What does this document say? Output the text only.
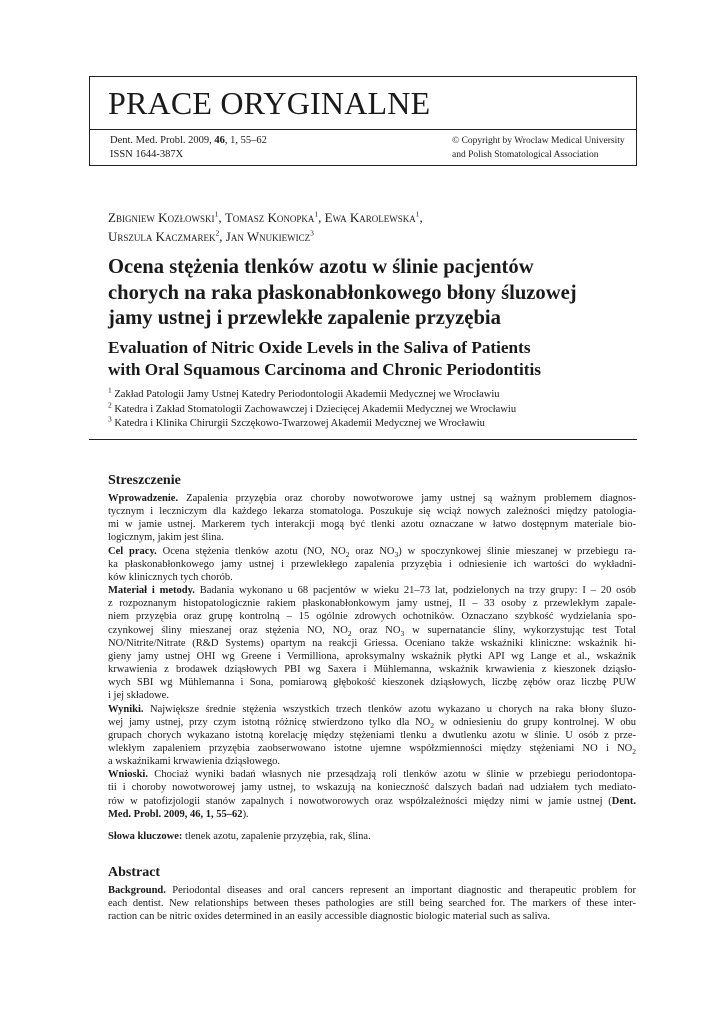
PRACE ORYGINALNE
Dent. Med. Probl. 2009, 46, 1, 55–62
ISSN 1644-387X
© Copyright by Wroclaw Medical University
and Polish Stomatological Association
Zbigniew Kozłowski$^1$, Tomasz Konopka$^1$, Ewa Karolewska$^1$,
Urszula Kaczmarek$^2$, Jan Wnukiewicz$^3$
Ocena stężenia tlenków azotu w ślinie pacjentów
chorych na raka płaskonabłonkowego błony śluzowej
jamy ustnej i przewlekłe zapalenie przyzębia
Evaluation of Nitric Oxide Levels in the Saliva of Patients
with Oral Squamous Carcinoma and Chronic Periodontitis
$^1$ Zakład Patologii Jamy Ustnej Katedry Periodontologii Akademii Medycznej we Wrocławiu
$^2$ Katedra i Zakład Stomatologii Zachowawczej i Dziecięcej Akademii Medycznej we Wrocławiu
$^3$ Katedra i Klinika Chirurgii Szczękowo-Twarzowej Akademii Medycznej we Wrocławiu
Streszczenie
Wprowadzenie. Zapalenia przyzębia oraz choroby nowotworowe jamy ustnej są ważnym problemem diagnos-
tycznym i leczniczym dla każdego lekarza stomatologa. Poszukuje się wciąż nowych zależności między patologia-
mi w jamie ustnej. Markerem tych interakcji mogą być tlenki azotu oznaczane w łatwo dostępnym materiale bio-
logicznym, jakim jest ślina.
Cel pracy. Ocena stężenia tlenków azotu (NO, $NO_2$ oraz $NO_3$) w spoczynkowej ślinie mieszanej w przebiegu ra-
ka płaskonabłonkowego jamy ustnej i przewlekłego zapalenia przyzębia i odniesienie ich wartości do wykładni-
ków klinicznych tych chorób.
Materiał i metody. Badania wykonano u 68 pacjentów w wieku 21–73 lat, podzielonych na trzy grupy: I – 20 osób
z rozpoznanym histopatologicznie rakiem płaskonabłonkowym jamy ustnej, II – 33 osoby z przewlekłym zapale-
niem przyzębia oraz grupę kontrolną – 15 ogólnie zdrowych ochotników. Oznaczano szybkość wydzielania spo-
czynkowej śliny mieszanej oraz stężenia NO, $NO_2$ oraz $NO_3$ w supernatancie śliny, wykorzystując test Total
NO/Nitrite/Nitrate (R&D Systems) opartym na reakcji Griessa. Oceniano także wskaźniki kliniczne: wskaźnik hi-
gieny jamy ustnej OHI wg Greene i Vermilliona, aproksymalny wskaźnik płytki API wg Lange et al., wskaźnik
krwawienia z brodawek dziąsłowych PBI wg Saxera i Mühlemanna, wskaźnik krwawienia z kieszonek dziąsło-
wych SBI wg Mühlemanna i Sona, pomiarową głębokość kieszonek dziąsłowych, liczbę zębów oraz liczbę PUW
i jej składowe.
Wyniki. Największe średnie stężenia wszystkich trzech tlenków azotu wykazano u chorych na raka błony śluzo-
wej jamy ustnej, przy czym istotną różnicę stwierdzono tylko dla $NO_2$ w odniesieniu do grupy kontrolnej. W obu
grupach chorych wykazano istotną korelację między stężeniami tlenku a dwutlenku azotu w ślinie. U osób z prze-
wlekłym zapaleniem przyzębia zaobserwowano istotne ujemne współzmienności między stężeniami NO i $NO_2$
a wskaźnikami krwawienia dziąsłowego.
Wnioski. Chociaż wyniki badań własnych nie przesądzają roli tlenków azotu w ślinie w przebiegu periodontopa-
tii i choroby nowotworowej jamy ustnej, to wskazują na konieczność dalszych badań nad udziałem tych mediato-
rów w patofizjologii stanów zapalnych i nowotworowych oraz współzależności między nimi w jamie ustnej (Dent.
Med. Probl. 2009, 46, 1, 55–62).
Słowa kluczowe: tlenek azotu, zapalenie przyzębia, rak, ślina.
Abstract
Background. Periodontal diseases and oral cancers represent an important diagnostic and therapeutic problem for
each dentist. New relationships between theses pathologies are still being searched for. The markers of these inter-
raction can be nitric oxides determined in an easily accessible diagnostic biologic material such as saliva.
